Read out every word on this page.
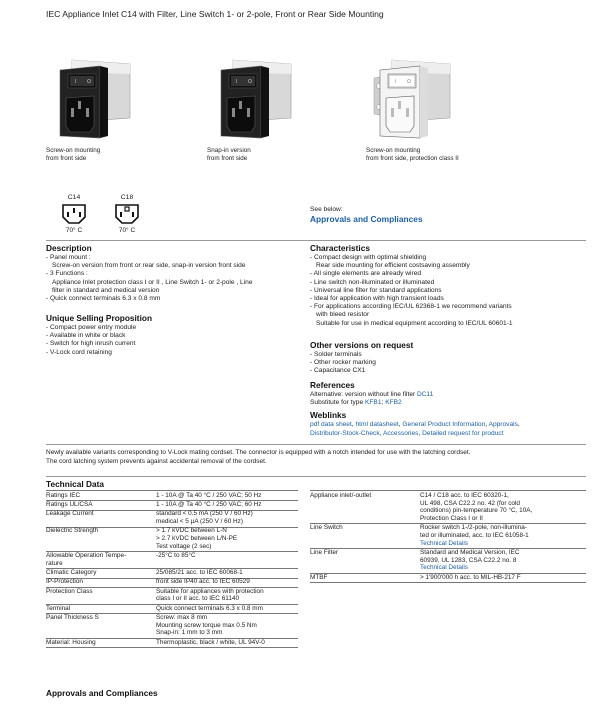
IEC Appliance Inlet C14 with Filter, Line Switch 1- or 2-pole, Front or Rear Side Mounting
I O
Screw-on mounting
from front side
I O
Snap-in version
from front side
I O
Screw-on mounting
from front side, protection class II
C14
70° C
C18
70° C
See below:
Approvals and Compliances
Description
- Panel mount :
Screw-on version from front or rear side, snap-in version front side
- 3 Functions :
Appliance Inlet protection class I or II , Line Switch 1- or 2-pole , Line
filter in standard and medical version
- Quick connect terminals 6.3 x 0.8 mm
Unique Selling Proposition
- Compact power entry module
- Available in white or black
- Switch for high inrush current
- V-Lock cord retaining
Characteristics
- Compact design with optimal shielding
Rear side mounting for efficient costsaving assembly
- All single elements are already wired
- Line switch non-illuminated or illuminated
- Universal line filter for standard applications
- Ideal for application with high transient loads
- For applications according IEC/UL 62368-1 we recommend variants
with bleed resistor
Suitable for use in medical equipment according to IEC/UL 60601-1
Other versions on request
- Solder terminals
- Other rocker marking
- Capacitance CX1
References
Alternative: version without line filter DC11
Substitute for type KFB1; KFB2
Weblinks
pdf data sheet, html datasheet, General Product Information, Approvals,
Distributor-Stock-Check, Accessories, Detailed request for product
Newly available variants corresponding to V-Lock mating cordset. The connector is equipped with a notch intended for use with the latching cordset.
The cord latching system prevents against accidental removal of the cordset.
Technical Data
Ratings IEC	1 - 10A @ Ta 40 °C / 250 VAC; 50 Hz
Ratings UL/CSA	1 - 10A @ Ta 40 °C / 250 VAC; 60 Hz
Leakage Current	standard < 0.5 mA (250 V / 60 Hz)
medical < 5 µA (250 V / 60 Hz)
Dielectric Strength	> 1.7 kVDC between L-N
> 2.7 kVDC between L/N-PE
Test voltage (2 sec)
Allowable Operation Tempe-
rature
-25°C to 85°C
Climatic Category	25/085/21 acc. to IEC 60068-1
IP-Protection	front side IP40 acc. to IEC 60529
Protection Class	Suitable for appliances with protection
class I or II acc. to IEC 61140
Terminal	Quick connect terminals 6.3 x 0.8 mm
Panel Thickness S	Screw: max 8 mm
Mounting screw torque max 0.5 Nm
Snap-in: 1 mm to 3 mm
Material: Housing	Thermoplastic, black / white, UL 94V-0
Appliance inlet/-outlet	C14 / C18 acc. to IEC 60320-1,
UL 498, CSA C22.2 no. 42 (for cold
conditions) pin-temperature 70 °C, 10A,
Protection Class I or II
Line Switch	Rocker switch 1-/2-pole, non-illumina-
ted or illuminated, acc. to IEC 61058-1
Technical Details
Line Filter	Standard and Medical Version, IEC
60939, UL 1283, CSA C22.2 no. 8
Technical Details
MTBF	> 1'900'000 h acc. to MIL-HB-217 F
Approvals and Compliances
